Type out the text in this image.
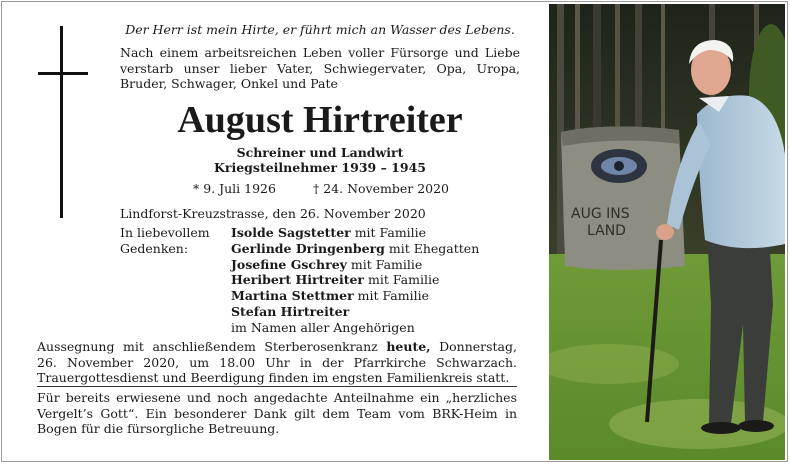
Der Herr ist mein Hirte, er führt mich an Wasser des Lebens.
Nach einem arbeitsreichen Leben voller Fürsorge und Liebe verstarb unser lieber Vater, Schwiegervater, Opa, Uropa, Bruder, Schwager, Onkel und Pate
August Hirtreiter
Schreiner und Landwirt
Kriegsteilnehmer 1939 – 1945
* 9. Juli 1926	† 24. November 2020
Lindforst-Kreuzstrasse, den 26. November 2020
In liebevollem Gedenken:
Isolde Sagstetter mit Familie
Gerlinde Dringenberg mit Ehegatten
Josefine Gschrey mit Familie
Heribert Hirtreiter mit Familie
Martina Stettmer mit Familie
Stefan Hirtreiter
im Namen aller Angehörigen
Aussegnung mit anschließendem Sterberosenkranz heute, Donnerstag, 26. November 2020, um 18.00 Uhr in der Pfarrkirche Schwarzach. Trauergottesdienst und Beerdigung finden im engsten Familienkreis statt.
Für bereits erwiesene und noch angedachte Anteilnahme ein „herzliches Vergelt’s Gott“. Ein besonderer Dank gilt dem Team vom BRK-Heim in Bogen für die fürsorgliche Betreuung.
AUG INS
LAND
